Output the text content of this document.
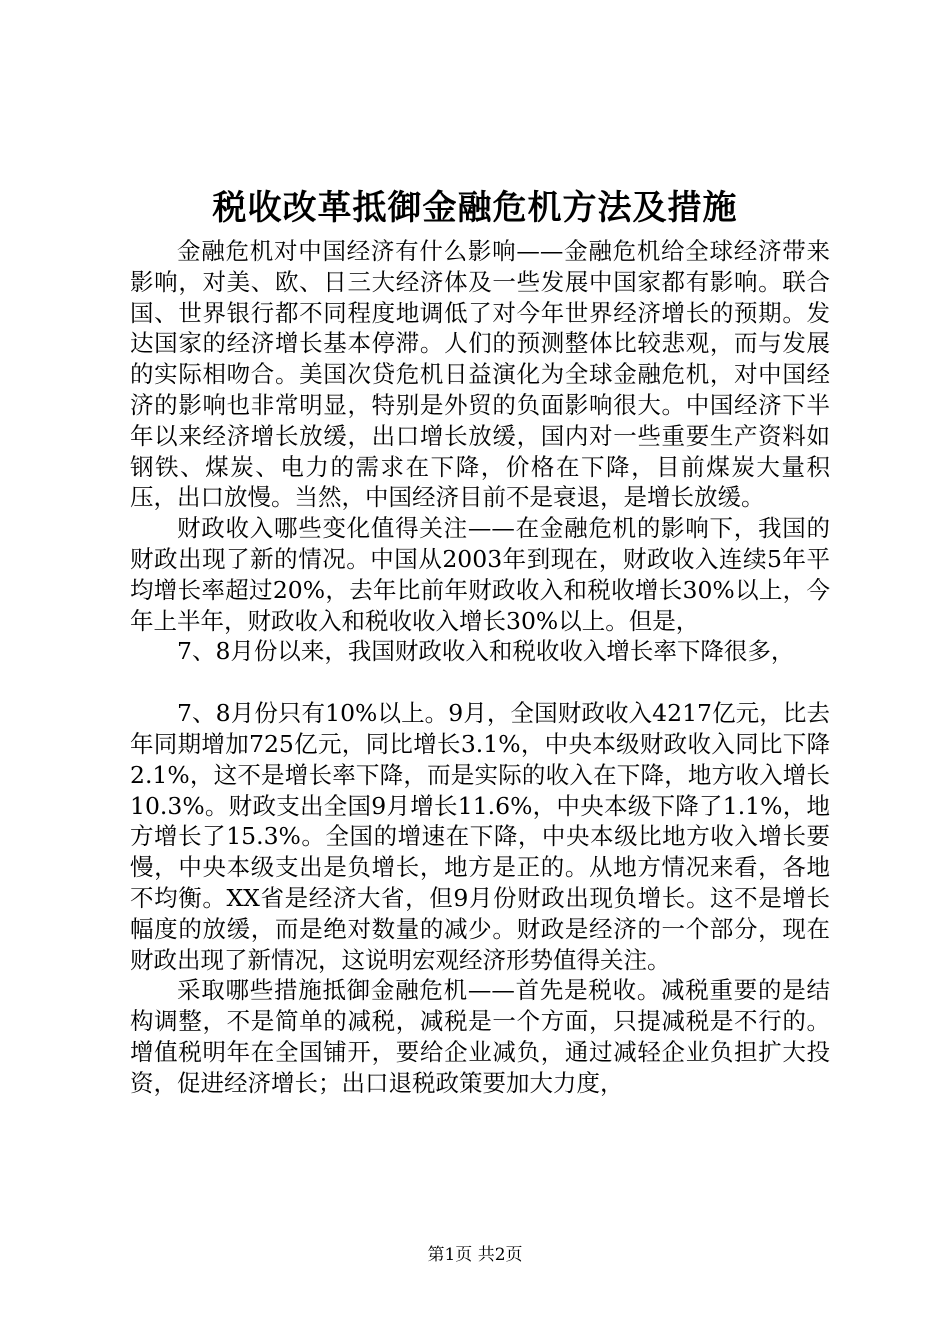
税收改革抵御金融危机方法及措施

金融危机对中国经济有什么影响——金融危机给全球经济带来影响，对美、欧、日三大经济体及一些发展中国家都有影响。联合国、世界银行都不同程度地调低了对今年世界经济增长的预期。发达国家的经济增长基本停滞。人们的预测整体比较悲观，而与发展的实际相吻合。美国次贷危机日益演化为全球金融危机，对中国经济的影响也非常明显，特别是外贸的负面影响很大。中国经济下半年以来经济增长放缓，出口增长放缓，国内对一些重要生产资料如钢铁、煤炭、电力的需求在下降，价格在下降，目前煤炭大量积压，出口放慢。当然，中国经济目前不是衰退，是增长放缓。

财政收入哪些变化值得关注——在金融危机的影响下，我国的财政出现了新的情况。中国从2003年到现在，财政收入连续5年平均增长率超过20%，去年比前年财政收入和税收增长30%以上，今年上半年，财政收入和税收收入增长30%以上。但是，

7、8月份以来，我国财政收入和税收收入增长率下降很多，

7、8月份只有10%以上。9月，全国财政收入4217亿元，比去年同期增加725亿元，同比增长3.1%，中央本级财政收入同比下降2.1%，这不是增长率下降，而是实际的收入在下降，地方收入增长10.3%。财政支出全国9月增长11.6%，中央本级下降了1.1%，地方增长了15.3%。全国的增速在下降，中央本级比地方收入增长要慢，中央本级支出是负增长，地方是正的。从地方情况来看，各地不均衡。XX省是经济大省，但9月份财政出现负增长。这不是增长幅度的放缓，而是绝对数量的减少。财政是经济的一个部分，现在财政出现了新情况，这说明宏观经济形势值得关注。

采取哪些措施抵御金融危机——首先是税收。减税重要的是结构调整，不是简单的减税，减税是一个方面，只提减税是不行的。增值税明年在全国铺开，要给企业减负，通过减轻企业负担扩大投资，促进经济增长；出口退税政策要加大力度，

第1页 共2页
